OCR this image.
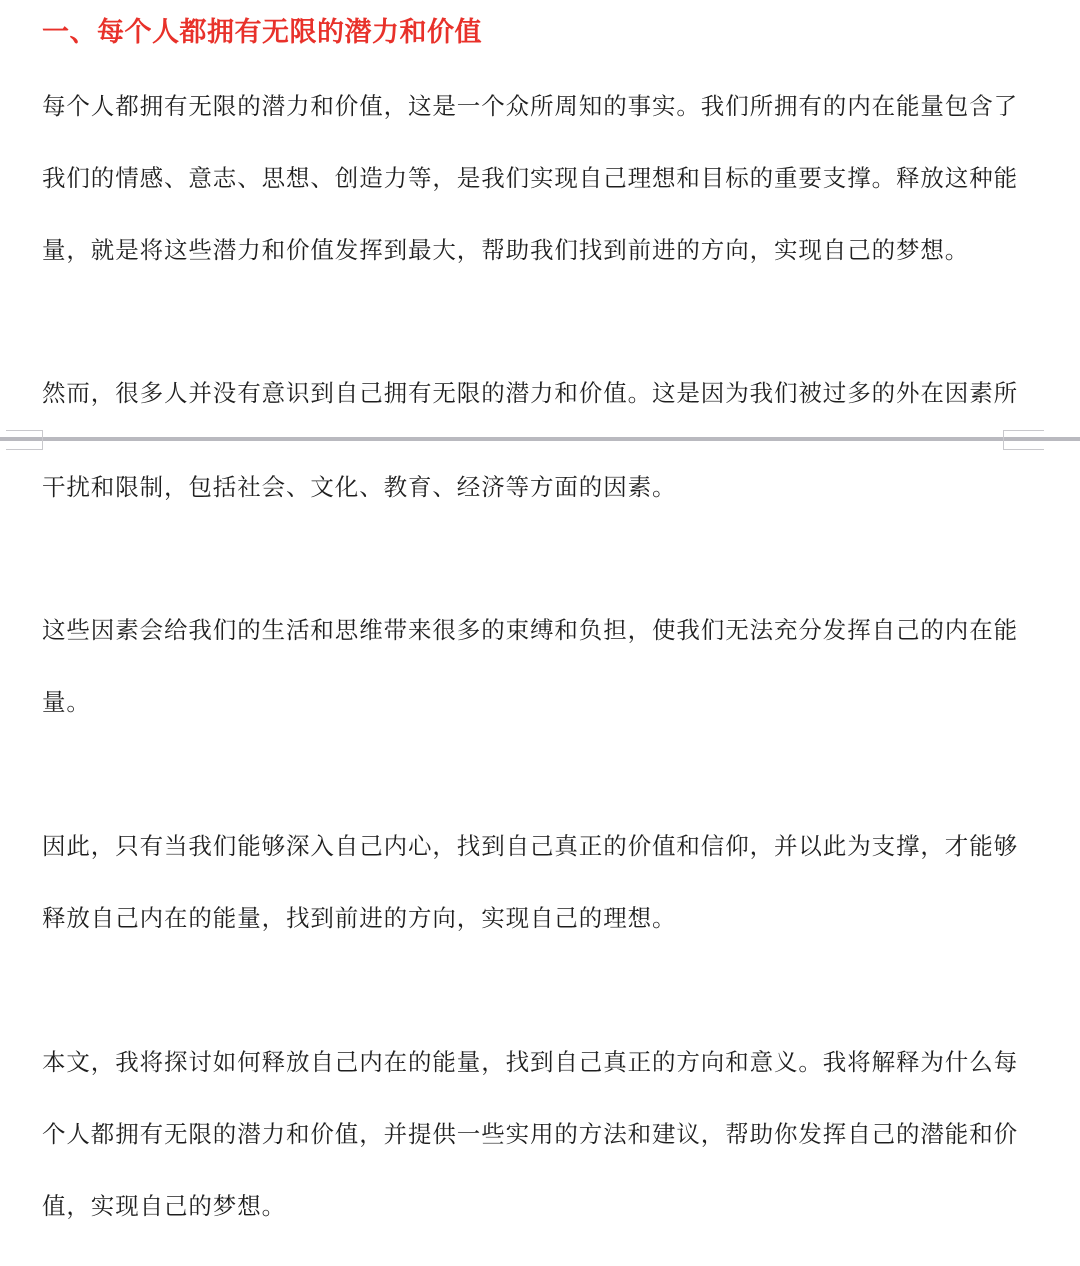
一、每个人都拥有无限的潜力和价值
每个人都拥有无限的潜力和价值，这是一个众所周知的事实。我们所拥有的内在能量包含了
我们的情感、意志、思想、创造力等，是我们实现自己理想和目标的重要支撑。释放这种能
量，就是将这些潜力和价值发挥到最大，帮助我们找到前进的方向，实现自己的梦想。
然而，很多人并没有意识到自己拥有无限的潜力和价值。这是因为我们被过多的外在因素所
干扰和限制，包括社会、文化、教育、经济等方面的因素。
这些因素会给我们的生活和思维带来很多的束缚和负担，使我们无法充分发挥自己的内在能
量。
因此，只有当我们能够深入自己内心，找到自己真正的价值和信仰，并以此为支撑，才能够
释放自己内在的能量，找到前进的方向，实现自己的理想。
本文，我将探讨如何释放自己内在的能量，找到自己真正的方向和意义。我将解释为什么每
个人都拥有无限的潜力和价值，并提供一些实用的方法和建议，帮助你发挥自己的潜能和价
值，实现自己的梦想。
